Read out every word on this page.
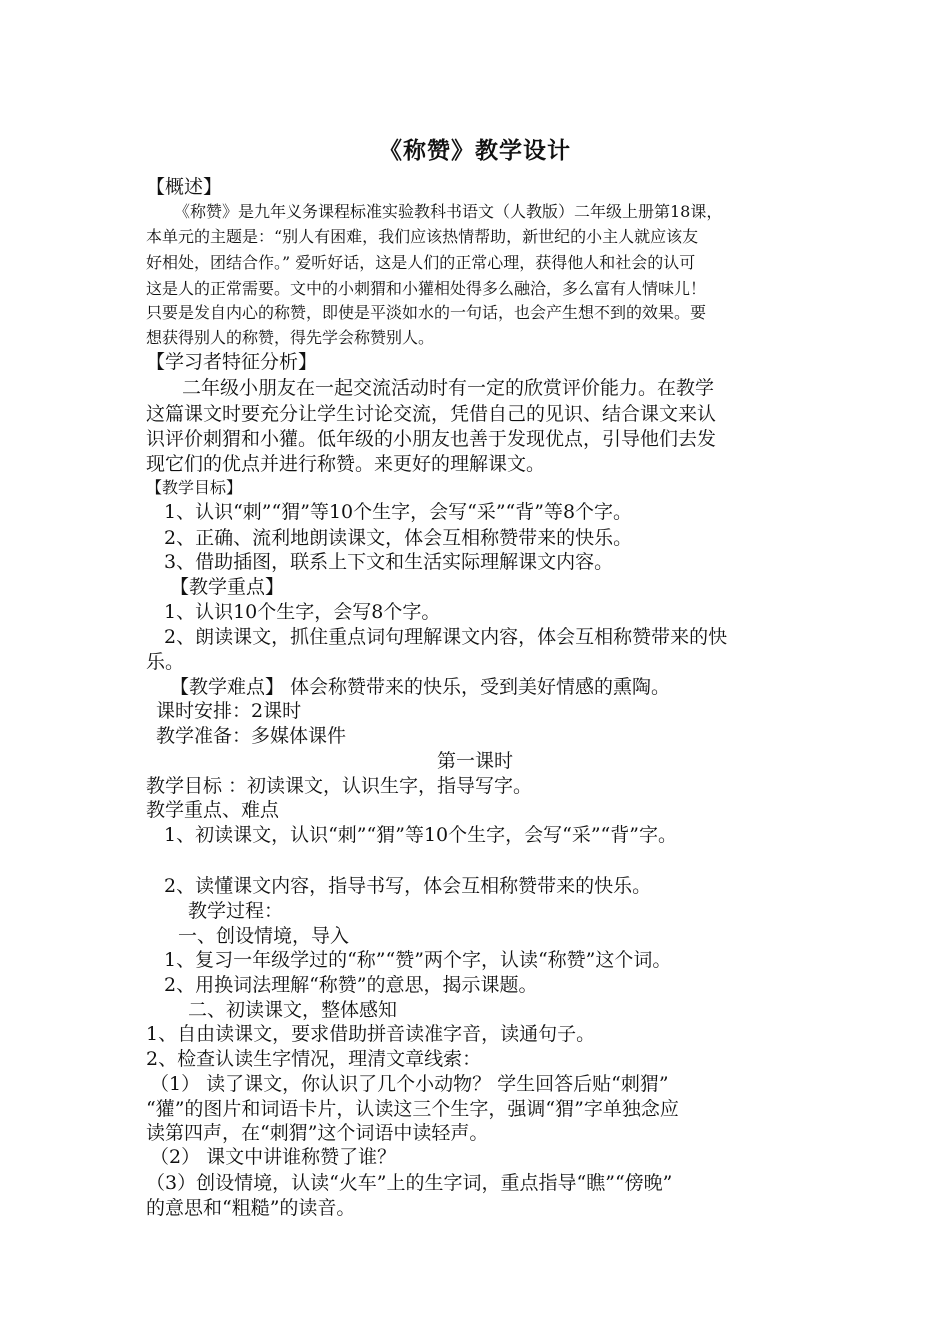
《称赞》教学设计
【概述】
《称赞》是九年义务课程标准实验教科书语文（人教版）二年级上册第18课，
本单元的主题是：“别人有困难，我们应该热情帮助，新世纪的小主人就应该友
好相处，团结合作。” 爱听好话，这是人们的正常心理，获得他人和社会的认可
这是人的正常需要。文中的小刺猬和小獾相处得多么融洽，多么富有人情味儿！
只要是发自内心的称赞，即使是平淡如水的一句话，也会产生想不到的效果。要
想获得别人的称赞，得先学会称赞别人。
【学习者特征分析】
二年级小朋友在一起交流活动时有一定的欣赏评价能力。在教学
这篇课文时要充分让学生讨论交流，凭借自己的见识、结合课文来认
识评价刺猬和小獾。低年级的小朋友也善于发现优点，引导他们去发
现它们的优点并进行称赞。来更好的理解课文。
【教学目标】
1、认识“刺”“猬”等10个生字，会写“采”“背”等8个字。
2、正确、流利地朗读课文，体会互相称赞带来的快乐。
3、借助插图，联系上下文和生活实际理解课文内容。
【教学重点】
1、认识10个生字，会写8个字。
2、朗读课文，抓住重点词句理解课文内容，体会互相称赞带来的快
乐。
【教学难点】 体会称赞带来的快乐，受到美好情感的熏陶。
课时安排：2课时
教学准备：多媒体课件
第一课时
教学目标 ：初读课文，认识生字，指导写字。
教学重点、难点
1、初读课文，认识“刺”“猬”等10个生字，会写“采”“背”字。
2、读懂课文内容，指导书写，体会互相称赞带来的快乐。
教学过程：
一、创设情境，导入
1、复习一年级学过的“称”“赞”两个字，认读“称赞”这个词。
2、用换词法理解“称赞”的意思，揭示课题。
二、初读课文，整体感知
1、自由读课文，要求借助拼音读准字音，读通句子。
2、检查认读生字情况，理清文章线索：
（1） 读了课文，你认识了几个小动物？ 学生回答后贴“刺猬”
“獾”的图片和词语卡片，认读这三个生字，强调“猬”字单独念应
读第四声，在“刺猬”这个词语中读轻声。
（2） 课文中讲谁称赞了谁？
（3）创设情境，认读“火车”上的生字词，重点指导“瞧”“傍晚”
的意思和“粗糙”的读音。
